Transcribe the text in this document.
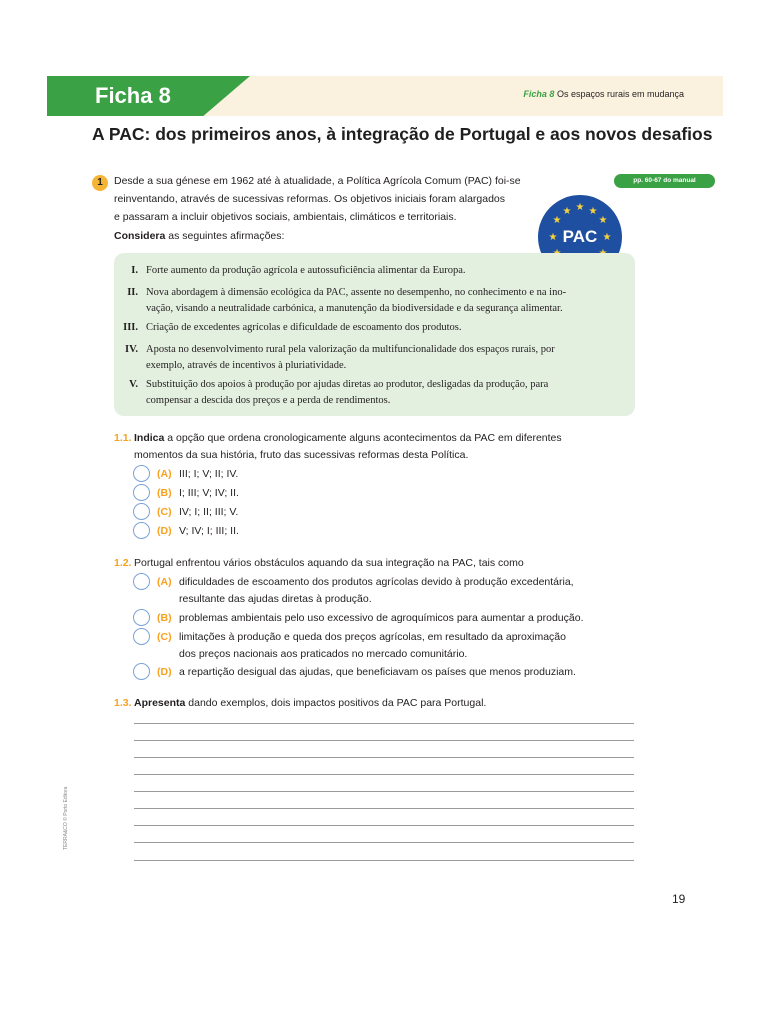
Ficha 8	Ficha 8 Os espaços rurais em mudança
A PAC: dos primeiros anos, à integração de Portugal e aos novos desafios
1	pp. 60-67 do manual

Desde a sua génese em 1962 até à atualidade, a Política Agrícola Comum (PAC) foi-se

reinventando, através de sucessivas reformas. Os objetivos iniciais foram alargados

e passaram a incluir objetivos sociais, ambientais, climáticos e territoriais.

Considera as seguintes afirmações:
★ ★
★
★
★
★
★
PAC
I. Forte aumento da produção agrícola e autossuficiência alimentar da Europa.
II. Nova abordagem à dimensão ecológica da PAC, assente no desempenho, no conhecimento e na ino-
vação, visando a neutralidade carbónica, a manutenção da biodiversidade e da segurança alimentar.
III. Criação de excedentes agrícolas e dificuldade de escoamento dos produtos.
IV. Aposta no desenvolvimento rural pela valorização da multifuncionalidade dos espaços rurais, por
exemplo, através de incentivos à pluriatividade.
V. Substituição dos apoios à produção por ajudas diretas ao produtor, desligadas da produção, para
compensar a descida dos preços e a perda de rendimentos.
1.1. Indica a opção que ordena cronologicamente alguns acontecimentos da PAC em diferentes
momentos da sua história, fruto das sucessivas reformas desta Política.
(A) III; I; V; II; IV.
(B) I; III; V; IV; II.
(C) IV; I; II; III; V.
(D) V; IV; I; III; II.
1.2. Portugal enfrentou vários obstáculos aquando da sua integração na PAC, tais como
(A) dificuldades de escoamento dos produtos agrícolas devido à produção excedentária,
resultante das ajudas diretas à produção.
(B) problemas ambientais pelo uso excessivo de agroquímicos para aumentar a produção.
(C) limitações à produção e queda dos preços agrícolas, em resultado da aproximação
dos preços nacionais aos praticados no mercado comunitário.
(D) a repartição desigual das ajudas, que beneficiavam os países que menos produziam.
1.3. Apresenta dando exemplos, dois impactos positivos da PAC para Portugal.
TERRA&CO © Porto Editora
19
